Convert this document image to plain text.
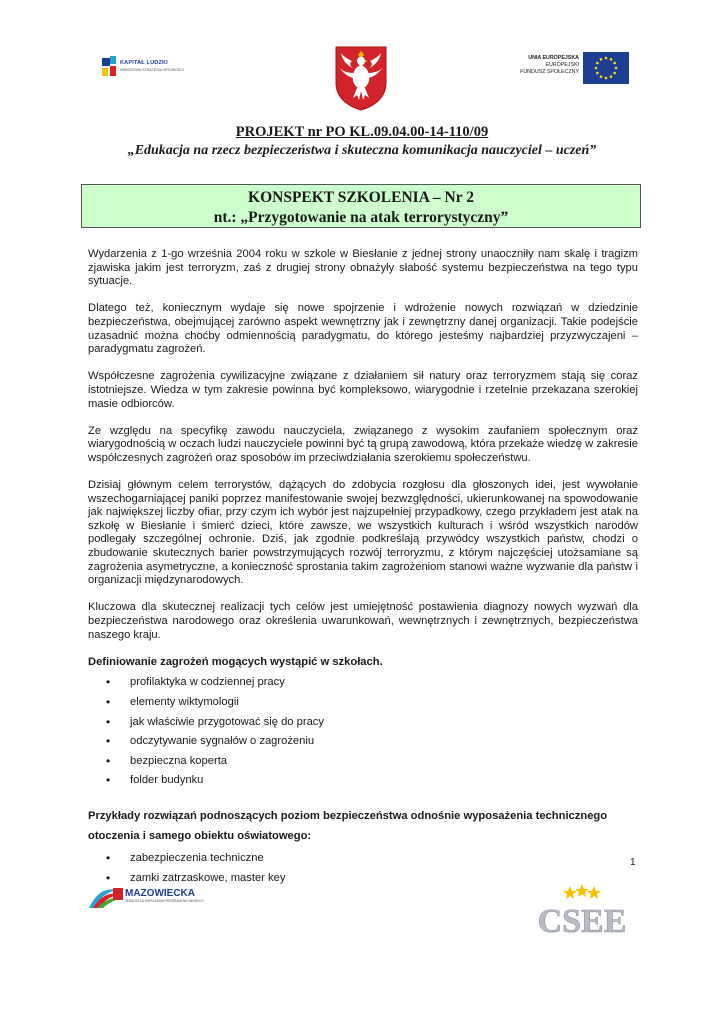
KAPITAŁ LUDZKI
NARODOWA STRATEGIA SPÓJNOŚCI
UNIA EUROPEJSKA
EUROPEJSKI
FUNDUSZ SPOŁECZNY
PROJEKT nr PO KL.09.04.00-14-110/09
„Edukacja na rzecz bezpieczeństwa i skuteczna komunikacja nauczyciel – uczeń”
KONSPEKT SZKOLENIA – Nr 2
nt.: „Przygotowanie na atak terrorystyczny”

Wydarzenia z 1-go września 2004 roku w szkole w Biesłanie z jednej strony unaoczniły nam skalę i tragizm zjawiska jakim jest terroryzm, zaś z drugiej strony obnażyły słabość systemu bezpieczeństwa na tego typu sytuacje.

Dlatego też, koniecznym wydaje się nowe spojrzenie i wdrożenie nowych rozwiązań w dziedzinie bezpieczeństwa, obejmującej zarówno aspekt wewnętrzny jak i zewnętrzny danej organizacji. Takie podejście uzasadnić można choćby odmiennością paradygmatu, do którego jesteśmy najbardziej przyzwyczajeni – paradygmatu zagrożeń.

Współczesne zagrożenia cywilizacyjne związane z działaniem sił natury oraz terroryzmem stają się coraz istotniejsze. Wiedza w tym zakresie powinna być kompleksowo, wiarygodnie i rzetelnie przekazana szerokiej masie odbiorców.

Ze względu na specyfikę zawodu nauczyciela, związanego z wysokim zaufaniem społecznym oraz wiarygodnością w oczach ludzi nauczyciele powinni być tą grupą zawodową, która przekaże wiedzę w zakresie współczesnych zagrożeń oraz sposobów im przeciwdziałania szerokiemu społeczeństwu.

Dzisiaj głównym celem terrorystów, dążących do zdobycia rozgłosu dla głoszonych idei, jest wywołanie wszechogarniającej paniki poprzez manifestowanie swojej bezwzględności, ukierunkowanej na spowodowanie jak największej liczby ofiar, przy czym ich wybór jest najzupełniej przypadkowy, czego przykładem jest atak na szkołę w Biesłanie i śmierć dzieci, które zawsze, we wszystkich kulturach i wśród wszystkich narodów podlegały szczególnej ochronie. Dziś, jak zgodnie podkreślają przywódcy wszystkich państw, chodzi o zbudowanie skutecznych barier powstrzymujących rozwój terroryzmu, z którym najczęściej utożsamiane są zagrożenia asymetryczne, a konieczność sprostania takim zagrożeniom stanowi ważne wyzwanie dla państw i organizacji międzynarodowych.

Kluczowa dla skutecznej realizacji tych celów jest umiejętność postawienia diagnozy nowych wyzwań dla bezpieczeństwa narodowego oraz określenia uwarunkowań, wewnętrznych i zewnętrznych, bezpieczeństwa naszego kraju.

Definiowanie zagrożeń mogących wystąpić w szkołach.
• profilaktyka w codziennej pracy
• elementy wiktymologii
• jak właściwie przygotować się do pracy
• odczytywanie sygnałów o zagrożeniu
• bezpieczna koperta
• folder budynku
Przykłady rozwiązań podnoszących poziom bezpieczeństwa odnośnie wyposażenia technicznego otoczenia i samego obiektu oświatowego:
• zabezpieczenia techniczne
• zamki zatrzaskowe, master key
1
MAZOWIECKA
JEDNOSTKA WDRAŻANIA PROGRAMÓW UNIJNYCH
CSEE
